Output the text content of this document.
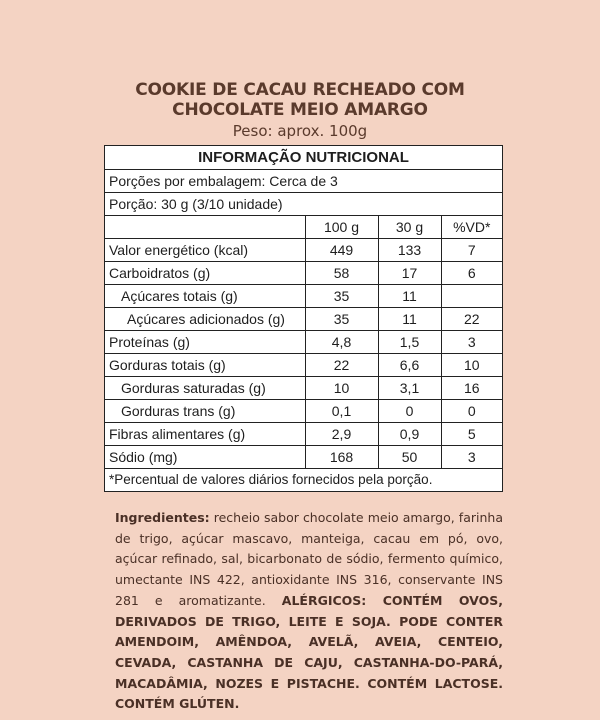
COOKIE DE CACAU RECHEADO COM
CHOCOLATE MEIO AMARGO
Peso: aprox. 100g
INFORMAÇÃO NUTRICIONAL
Porções por embalagem: Cerca de 3
Porção: 30 g (3/10 unidade)
	100 g	30 g	%VD*
Valor energético (kcal)	449	133	7
Carboidratos (g)	58	17	6
Açúcares totais (g)	35	11	
Açúcares adicionados (g)	35	11	22
Proteínas (g)	4,8	1,5	3
Gorduras totais (g)	22	6,6	10
Gorduras saturadas (g)	10	3,1	16
Gorduras trans (g)	0,1	0	0
Fibras alimentares (g)	2,9	0,9	5
Sódio (mg)	168	50	3
*Percentual de valores diários fornecidos pela porção.
Ingredientes: recheio sabor chocolate meio amargo, farinha de trigo, açúcar mascavo, manteiga, cacau em pó, ovo, açúcar refinado, sal, bicarbonato de sódio, fermento químico, umectante INS 422, antioxidante INS 316, conservante INS 281 e aromatizante. ALÉRGICOS: CONTÉM OVOS, DERIVADOS DE TRIGO, LEITE E SOJA. PODE CONTER AMENDOIM, AMÊNDOA, AVELÃ, AVEIA, CENTEIO, CEVADA, CASTANHA DE CAJU, CASTANHA-DO-PARÁ, MACADÂMIA, NOZES E PISTACHE. CONTÉM LACTOSE. CONTÉM GLÚTEN.
